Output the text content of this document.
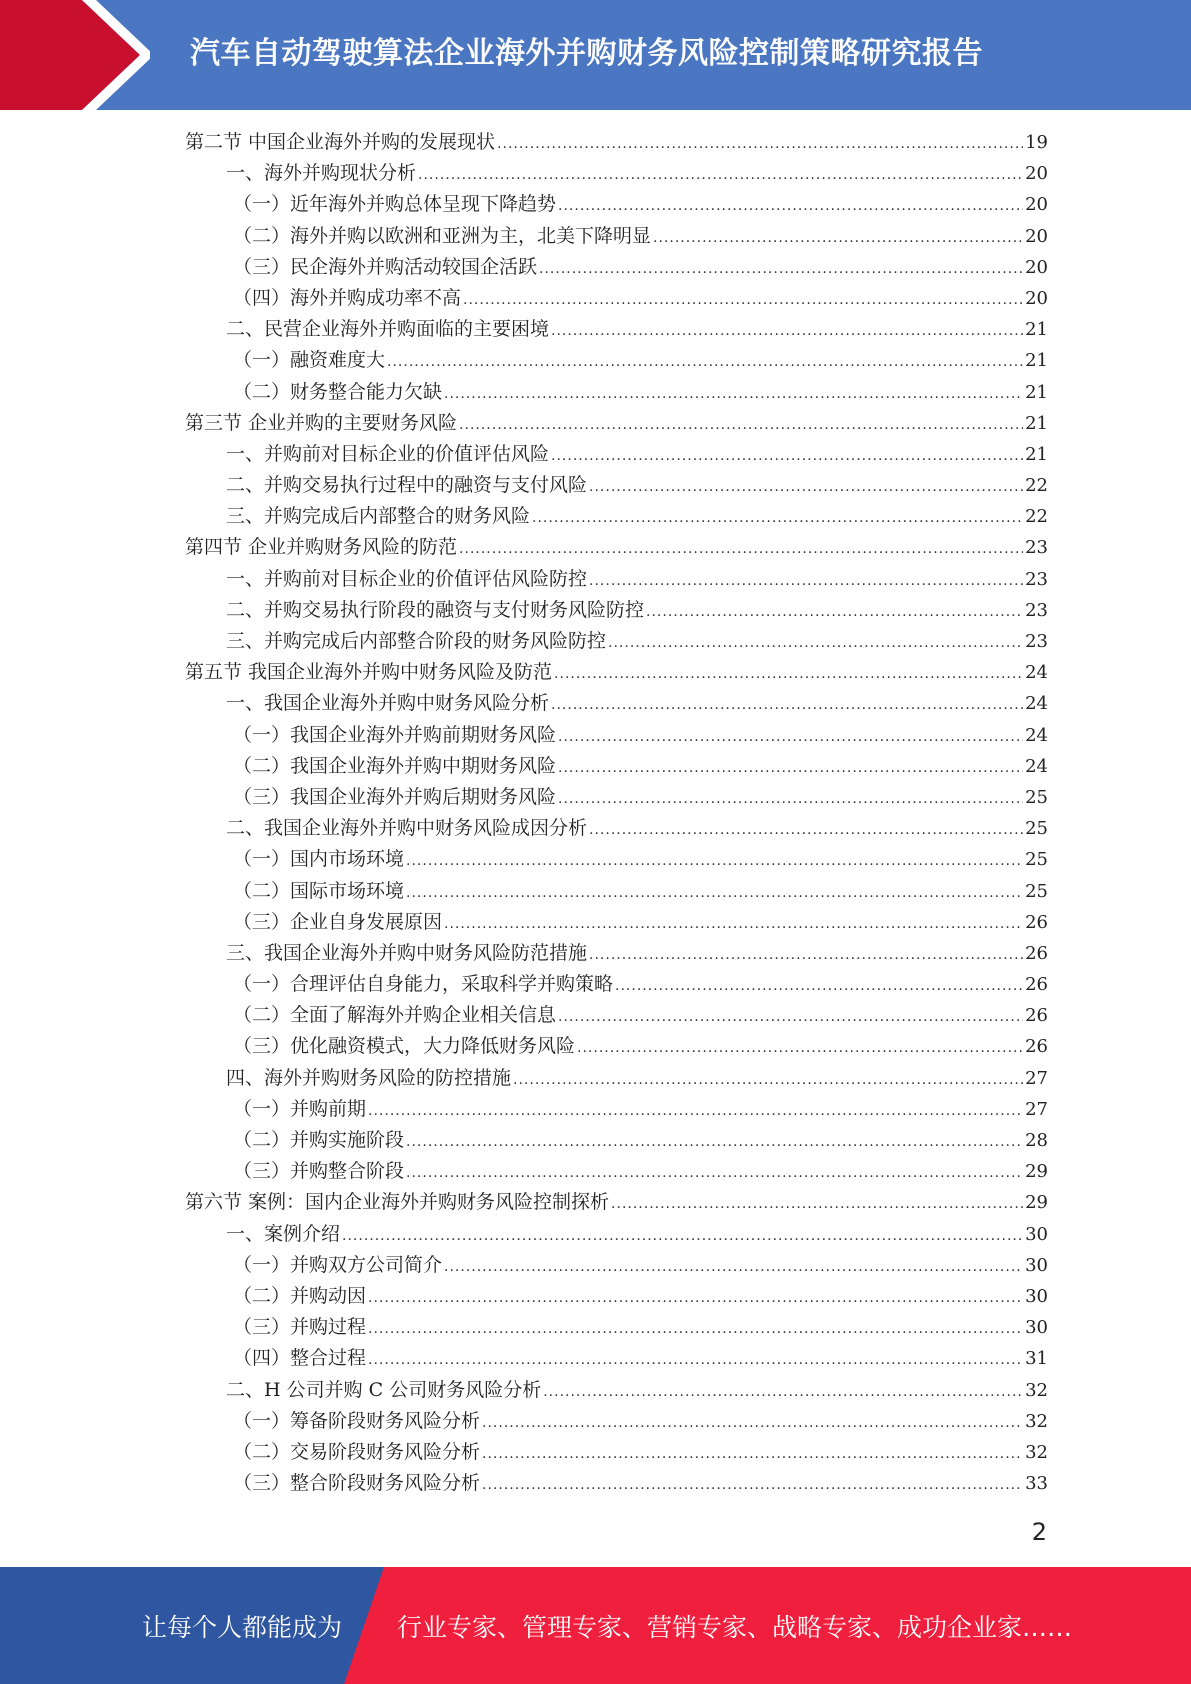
汽车自动驾驶算法企业海外并购财务风险控制策略研究报告
第二节 中国企业海外并购的发展现状 .....	19
一、海外并购现状分析 .....	20
（一）近年海外并购总体呈现下降趋势 .....	20
（二）海外并购以欧洲和亚洲为主，北美下降明显 .....	20
（三）民企海外并购活动较国企活跃 .....	20
（四）海外并购成功率不高 .....	20
二、民营企业海外并购面临的主要困境 .....	21
（一）融资难度大 .....	21
（二）财务整合能力欠缺 .....	21
第三节 企业并购的主要财务风险 .....	21
一、并购前对目标企业的价值评估风险 .....	21
二、并购交易执行过程中的融资与支付风险 .....	22
三、并购完成后内部整合的财务风险 .....	22
第四节 企业并购财务风险的防范 .....	23
一、并购前对目标企业的价值评估风险防控 .....	23
二、并购交易执行阶段的融资与支付财务风险防控 .....	23
三、并购完成后内部整合阶段的财务风险防控 .....	23
第五节 我国企业海外并购中财务风险及防范 .....	24
一、我国企业海外并购中财务风险分析 .....	24
（一）我国企业海外并购前期财务风险 .....	24
（二）我国企业海外并购中期财务风险 .....	24
（三）我国企业海外并购后期财务风险 .....	25
二、我国企业海外并购中财务风险成因分析 .....	25
（一）国内市场环境 .....	25
（二）国际市场环境 .....	25
（三）企业自身发展原因 .....	26
三、我国企业海外并购中财务风险防范措施 .....	26
（一）合理评估自身能力，采取科学并购策略 .....	26
（二）全面了解海外并购企业相关信息 .....	26
（三）优化融资模式，大力降低财务风险 .....	26
四、海外并购财务风险的防控措施 .....	27
（一）并购前期 .....	27
（二）并购实施阶段 .....	28
（三）并购整合阶段 .....	29
第六节 案例：国内企业海外并购财务风险控制探析 .....	29
一、案例介绍 .....	30
（一）并购双方公司简介 .....	30
（二）并购动因 .....	30
（三）并购过程 .....	30
（四）整合过程 .....	31
二、H 公司并购 C 公司财务风险分析 .....	32
（一）筹备阶段财务风险分析 .....	32
（二）交易阶段财务风险分析 .....	32
（三）整合阶段财务风险分析 .....	33
2
让每个人都能成为 行业专家、管理专家、营销专家、战略专家、成功企业家……
